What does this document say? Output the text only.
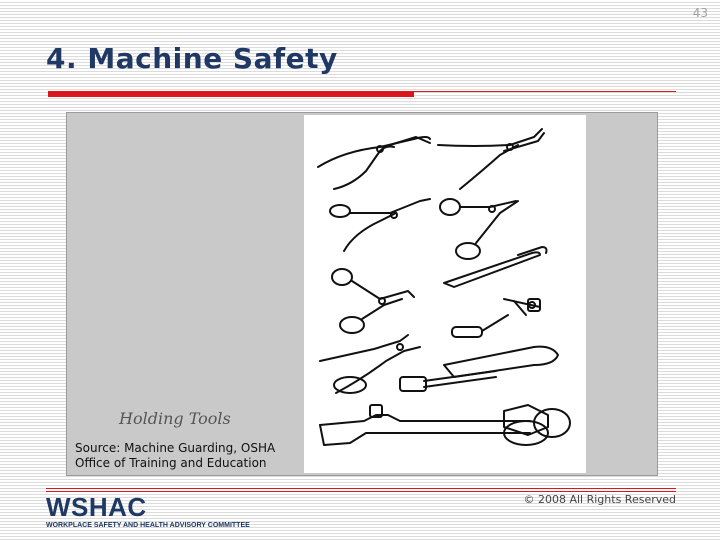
43
4. Machine Safety
Holding Tools
Source: Machine Guarding, OSHA
Office of Training and Education
WSHAC
WORKPLACE SAFETY AND HEALTH ADVISORY COMMITTEE
© 2008 All Rights Reserved
